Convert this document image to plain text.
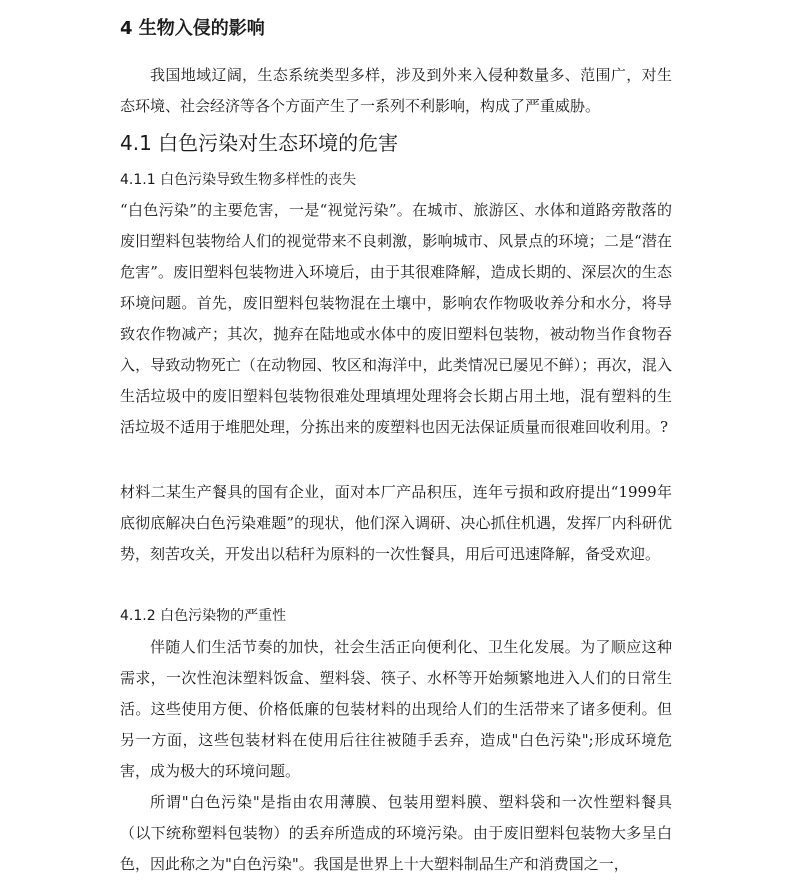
4 生物入侵的影响
我国地域辽阔，生态系统类型多样，涉及到外来入侵种数量多、范围广，对生态环境、社会经济等各个方面产生了一系列不利影响，构成了严重威胁。
4.1 白色污染对生态环境的危害
4.1.1 白色污染导致生物多样性的丧失
“白色污染”的主要危害，一是“视觉污染”。在城市、旅游区、水体和道路旁散落的废旧塑料包装物给人们的视觉带来不良刺激，影响城市、风景点的环境；二是“潜在危害”。废旧塑料包装物进入环境后，由于其很难降解，造成长期的、深层次的生态环境问题。首先，废旧塑料包装物混在土壤中，影响农作物吸收养分和水分，将导致农作物减产；其次，抛弃在陆地或水体中的废旧塑料包装物，被动物当作食物吞入，导致动物死亡（在动物园、牧区和海洋中，此类情况已屡见不鲜）；再次，混入生活垃圾中的废旧塑料包装物很难处理填埋处理将会长期占用土地，混有塑料的生活垃圾不适用于堆肥处理，分拣出来的废塑料也因无法保证质量而很难回收利用。?
材料二某生产餐具的国有企业，面对本厂产品积压，连年亏损和政府提出“1999年底彻底解决白色污染难题”的现状，他们深入调研、决心抓住机遇，发挥厂内科研优势，刻苦攻关，开发出以秸秆为原料的一次性餐具，用后可迅速降解，备受欢迎。
4.1.2 白色污染物的严重性
伴随人们生活节奏的加快，社会生活正向便利化、卫生化发展。为了顺应这种需求，一次性泡沫塑料饭盒、塑料袋、筷子、水杯等开始频繁地进入人们的日常生活。这些使用方便、价格低廉的包装材料的出现给人们的生活带来了诸多便利。但另一方面，这些包装材料在使用后往往被随手丢弃，造成"白色污染";形成环境危害，成为极大的环境问题。
所谓"白色污染"是指由农用薄膜、包装用塑料膜、塑料袋和一次性塑料餐具（以下统称塑料包装物）的丢弃所造成的环境污染。由于废旧塑料包装物大多呈白色，因此称之为"白色污染"。我国是世界上十大塑料制品生产和消费国之一，
